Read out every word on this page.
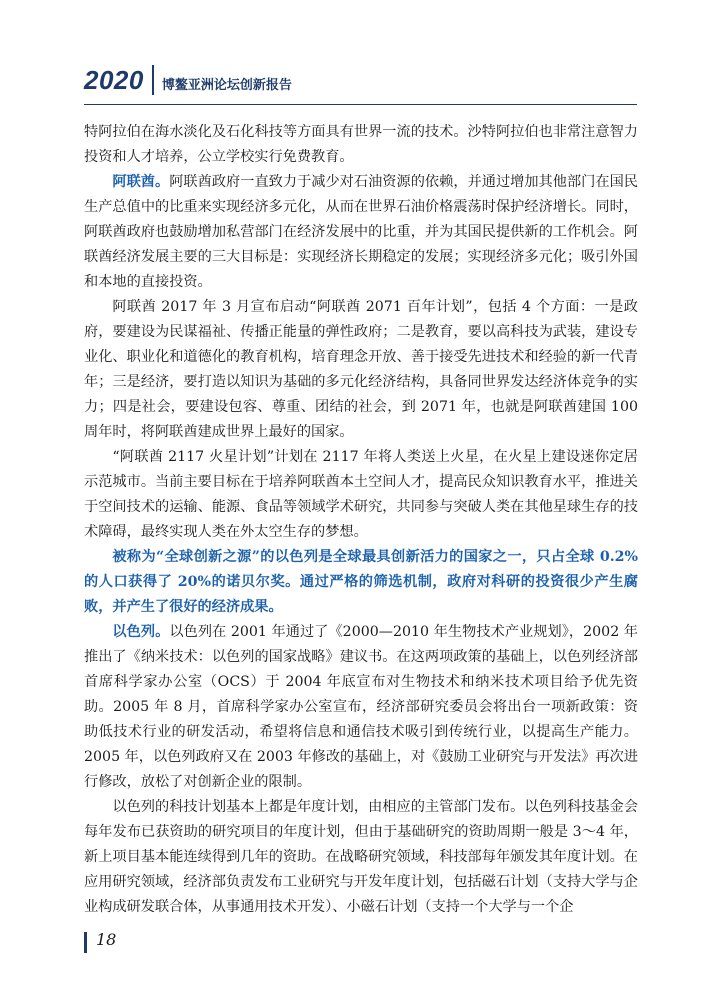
2020 博鳌亚洲论坛创新报告

特阿拉伯在海水淡化及石化科技等方面具有世界一流的技术。沙特阿拉伯也非常注意智力投资和人才培养，公立学校实行免费教育。

阿联酋。阿联酋政府一直致力于减少对石油资源的依赖，并通过增加其他部门在国民生产总值中的比重来实现经济多元化，从而在世界石油价格震荡时保护经济增长。同时，阿联酋政府也鼓励增加私营部门在经济发展中的比重，并为其国民提供新的工作机会。阿联酋经济发展主要的三大目标是：实现经济长期稳定的发展；实现经济多元化；吸引外国和本地的直接投资。

阿联酋 2017 年 3 月宣布启动“阿联酋 2071 百年计划”，包括 4 个方面：一是政府，要建设为民谋福祉、传播正能量的弹性政府；二是教育，要以高科技为武装，建设专业化、职业化和道德化的教育机构，培育理念开放、善于接受先进技术和经验的新一代青年；三是经济，要打造以知识为基础的多元化经济结构，具备同世界发达经济体竞争的实力；四是社会，要建设包容、尊重、团结的社会，到 2071 年，也就是阿联酋建国 100 周年时，将阿联酋建成世界上最好的国家。

“阿联酋 2117 火星计划”计划在 2117 年将人类送上火星，在火星上建设迷你定居示范城市。当前主要目标在于培养阿联酋本土空间人才，提高民众知识教育水平，推进关于空间技术的运输、能源、食品等领域学术研究，共同参与突破人类在其他星球生存的技术障碍，最终实现人类在外太空生存的梦想。

被称为“全球创新之源”的以色列是全球最具创新活力的国家之一，只占全球 0.2% 的人口获得了 20%的诺贝尔奖。通过严格的筛选机制，政府对科研的投资很少产生腐败，并产生了很好的经济成果。

以色列。以色列在 2001 年通过了《2000—2010 年生物技术产业规划》，2002 年推出了《纳米技术：以色列的国家战略》建议书。在这两项政策的基础上，以色列经济部首席科学家办公室（OCS）于 2004 年底宣布对生物技术和纳米技术项目给予优先资助。2005 年 8 月，首席科学家办公室宣布，经济部研究委员会将出台一项新政策：资助低技术行业的研发活动，希望将信息和通信技术吸引到传统行业，以提高生产能力。2005 年，以色列政府又在 2003 年修改的基础上，对《鼓励工业研究与开发法》再次进行修改，放松了对创新企业的限制。

以色列的科技计划基本上都是年度计划，由相应的主管部门发布。以色列科技基金会每年发布已获资助的研究项目的年度计划，但由于基础研究的资助周期一般是 3～4 年，新上项目基本能连续得到几年的资助。在战略研究领域，科技部每年颁发其年度计划。在应用研究领域，经济部负责发布工业研究与开发年度计划，包括磁石计划（支持大学与企业构成研发联合体，从事通用技术开发）、小磁石计划（支持一个大学与一个企

18
